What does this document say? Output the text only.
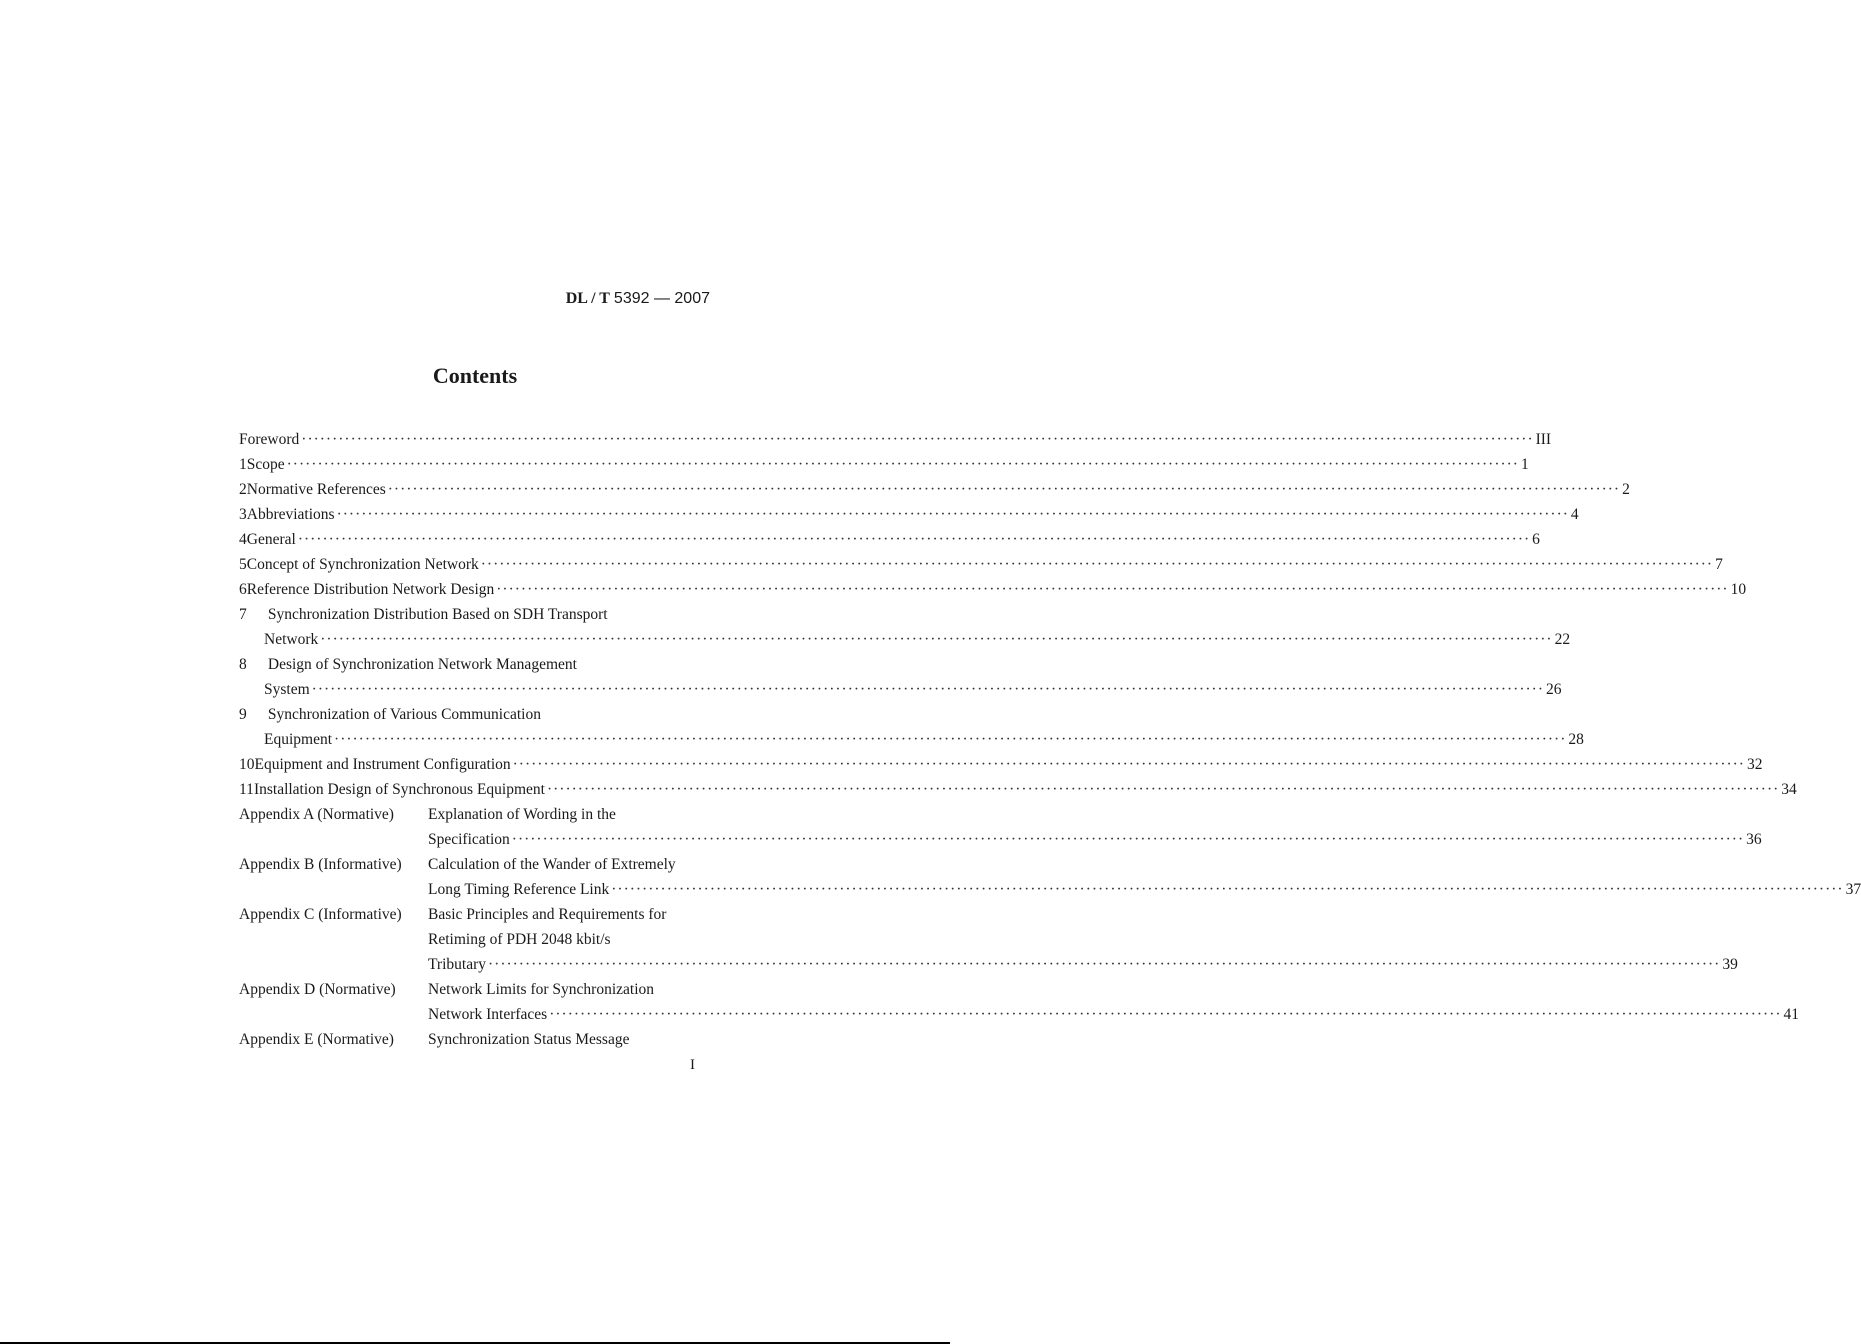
DL / T 5392 — 2007
Contents
Foreword ········································································································································································································ III
1 Scope ········································································································································································································ 1
2 Normative References ········································································································································································································ 2
3 Abbreviations ········································································································································································································ 4
4 General ········································································································································································································ 6
5 Concept of Synchronization Network ········································································································································································································ 7
6 Reference Distribution Network Design ········································································································································································································ 10
7 Synchronization Distribution Based on SDH Transport
Network ········································································································································································································ 22
8 Design of Synchronization Network Management
System ········································································································································································································ 26
9 Synchronization of Various Communication
Equipment ········································································································································································································ 28
10 Equipment and Instrument Configuration ········································································································································································································ 32
11 Installation Design of Synchronous Equipment ········································································································································································································ 34
Appendix A (Normative) Explanation of Wording in the
Specification ········································································································································································································ 36
Appendix B (Informative) Calculation of the Wander of Extremely
Long Timing Reference Link ········································································································································································································ 37
Appendix C (Informative) Basic Principles and Requirements for
Retiming of PDH 2048 kbit/s
Tributary ········································································································································································································ 39
Appendix D (Normative) Network Limits for Synchronization
Network Interfaces ········································································································································································································ 41
Appendix E (Normative) Synchronization Status Message
I
